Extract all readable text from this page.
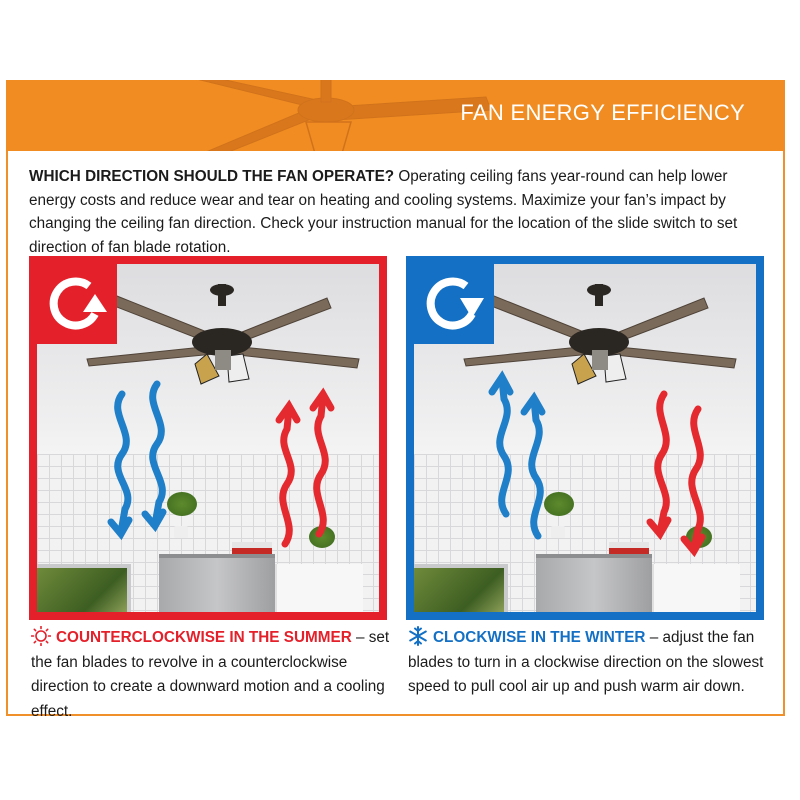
FAN ENERGY EFFICIENCY

WHICH DIRECTION SHOULD THE FAN OPERATE? Operating ceiling fans year-round can help lower energy costs and reduce wear and tear on heating and cooling systems. Maximize your fan’s impact by changing the ceiling fan direction. Check your instruction manual for the location of the slide switch to set direction of fan blade rotation.

COUNTERCLOCKWISE IN THE SUMMER – set the fan blades to revolve in a counterclockwise direction to create a downward motion and a cooling effect.

CLOCKWISE IN THE WINTER – adjust the fan blades to turn in a clockwise direction on the slowest speed to pull cool air up and push warm air down.
